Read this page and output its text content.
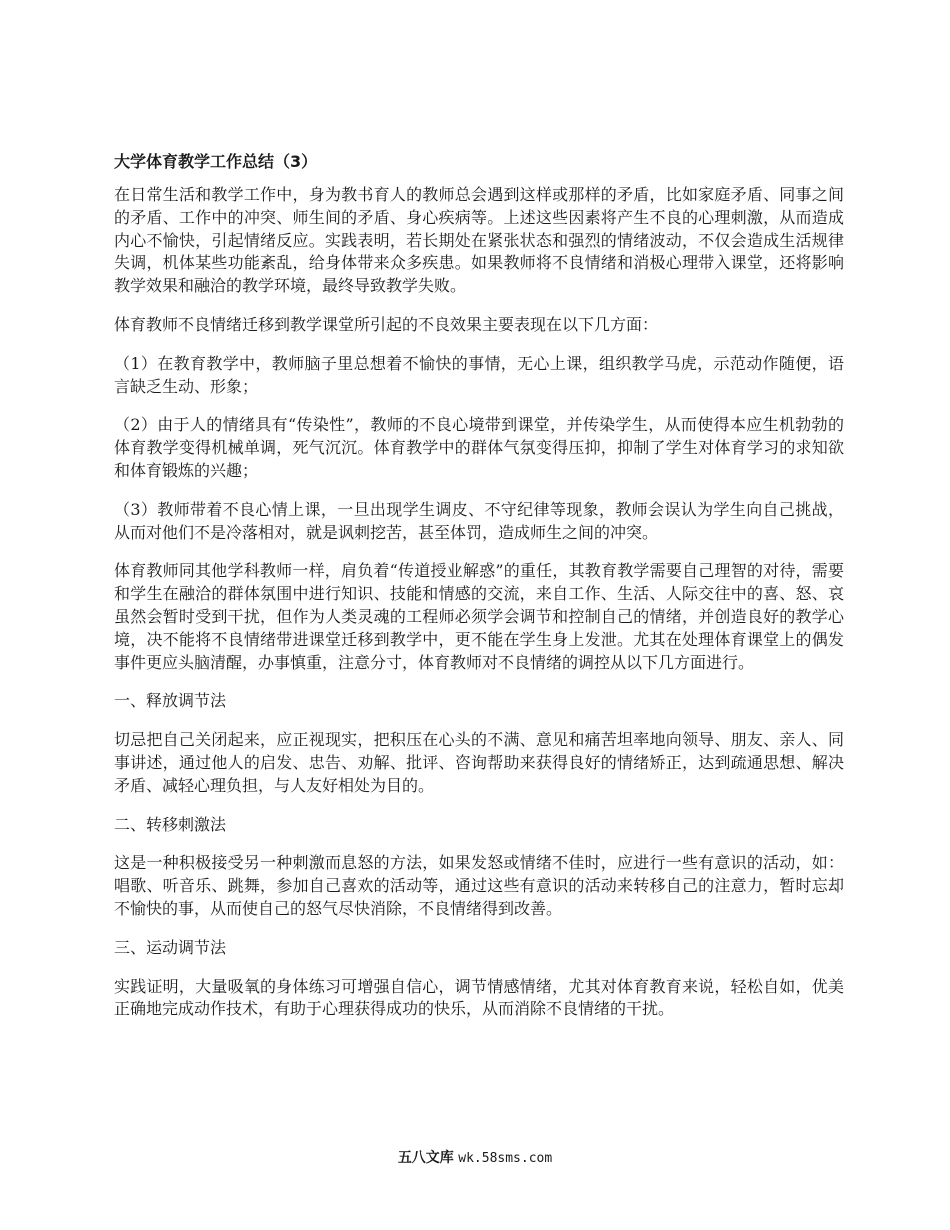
大学体育教学工作总结（3）

在日常生活和教学工作中，身为教书育人的教师总会遇到这样或那样的矛盾，比如家庭矛盾、同事之间的矛盾、工作中的冲突、师生间的矛盾、身心疾病等。上述这些因素将产生不良的心理刺激，从而造成内心不愉快，引起情绪反应。实践表明，若长期处在紧张状态和强烈的情绪波动，不仅会造成生活规律失调，机体某些功能紊乱，给身体带来众多疾患。如果教师将不良情绪和消极心理带入课堂，还将影响教学效果和融洽的教学环境，最终导致教学失败。

体育教师不良情绪迁移到教学课堂所引起的不良效果主要表现在以下几方面：

（1）在教育教学中，教师脑子里总想着不愉快的事情，无心上课，组织教学马虎，示范动作随便，语言缺乏生动、形象；

（2）由于人的情绪具有“传染性”，教师的不良心境带到课堂，并传染学生，从而使得本应生机勃勃的体育教学变得机械单调，死气沉沉。体育教学中的群体气氛变得压抑，抑制了学生对体育学习的求知欲和体育锻炼的兴趣；

（3）教师带着不良心情上课，一旦出现学生调皮、不守纪律等现象，教师会误认为学生向自己挑战，从而对他们不是冷落相对，就是讽刺挖苦，甚至体罚，造成师生之间的冲突。

体育教师同其他学科教师一样，肩负着“传道授业解惑”的重任，其教育教学需要自己理智的对待，需要和学生在融洽的群体氛围中进行知识、技能和情感的交流，来自工作、生活、人际交往中的喜、怒、哀虽然会暂时受到干扰，但作为人类灵魂的工程师必须学会调节和控制自己的情绪，并创造良好的教学心境，决不能将不良情绪带进课堂迁移到教学中，更不能在学生身上发泄。尤其在处理体育课堂上的偶发事件更应头脑清醒，办事慎重，注意分寸，体育教师对不良情绪的调控从以下几方面进行。

一、释放调节法

切忌把自己关闭起来，应正视现实，把积压在心头的不满、意见和痛苦坦率地向领导、朋友、亲人、同事讲述，通过他人的启发、忠告、劝解、批评、咨询帮助来获得良好的情绪矫正，达到疏通思想、解决矛盾、减轻心理负担，与人友好相处为目的。

二、转移刺激法

这是一种积极接受另一种刺激而息怒的方法，如果发怒或情绪不佳时，应进行一些有意识的活动，如：唱歌、听音乐、跳舞，参加自己喜欢的活动等，通过这些有意识的活动来转移自己的注意力，暂时忘却不愉快的事，从而使自己的怒气尽快消除，不良情绪得到改善。

三、运动调节法

实践证明，大量吸氧的身体练习可增强自信心，调节情感情绪，尤其对体育教育来说，轻松自如，优美正确地完成动作技术，有助于心理获得成功的快乐，从而消除不良情绪的干扰。

五八文库 wk.58sms.com
